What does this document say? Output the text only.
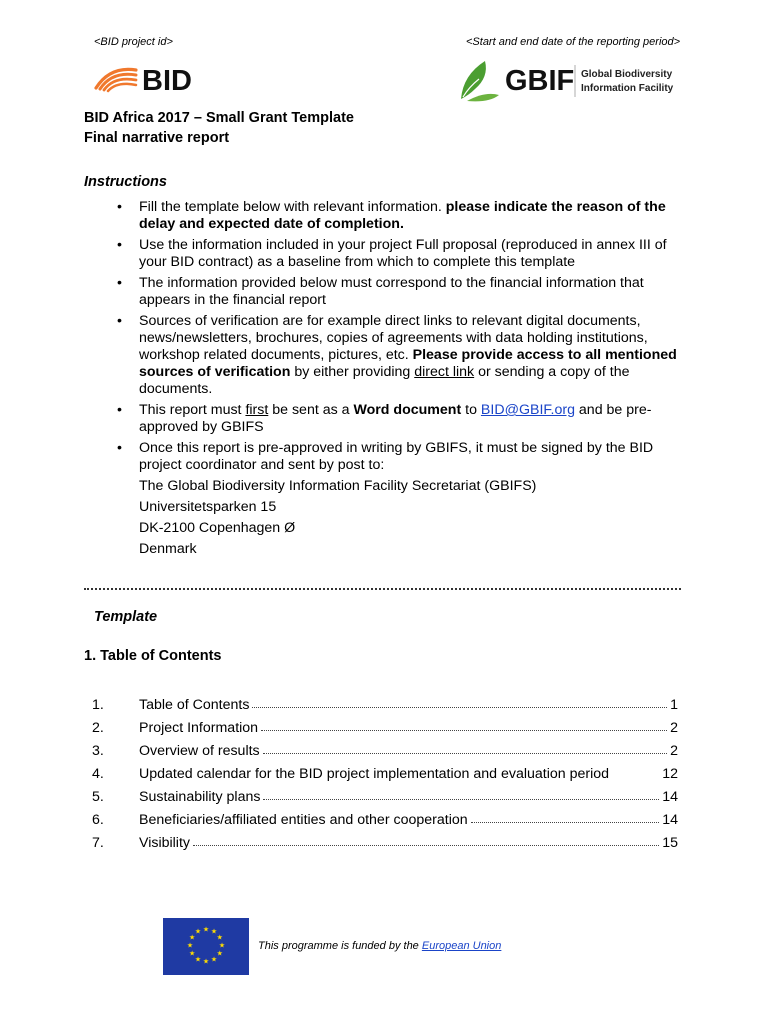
<BID project id>	<Start and end date of the reporting period>
BID	GBIF Global Biodiversity
Information Facility
BID Africa 2017 – Small Grant Template
Final narrative report
Instructions
• Fill the template below with relevant information. please indicate the reason of the delay and expected date of completion.
• Use the information included in your project Full proposal (reproduced in annex III of your BID contract) as a baseline from which to complete this template
• The information provided below must correspond to the financial information that appears in the financial report
• Sources of verification are for example direct links to relevant digital documents, news/newsletters, brochures, copies of agreements with data holding institutions, workshop related documents, pictures, etc. Please provide access to all mentioned sources of verification by either providing direct link or sending a copy of the documents.
• This report must first be sent as a Word document to BID@GBIF.org and be pre-approved by GBIFS
• Once this report is pre-approved in writing by GBIFS, it must be signed by the BID project coordinator and sent by post to:
The Global Biodiversity Information Facility Secretariat (GBIFS)
Universitetsparken 15
DK-2100 Copenhagen Ø
Denmark
Template
1. Table of Contents
1. Table of Contents	1
2. Project Information	2
3. Overview of results	2
4. Updated calendar for the BID project implementation and evaluation period	12
5. Sustainability plans	14
6. Beneficiaries/affiliated entities and other cooperation	14
7. Visibility	15
★ ★
★
★
★
★
★
★
★
★
★
★
This programme is funded by the European Union
